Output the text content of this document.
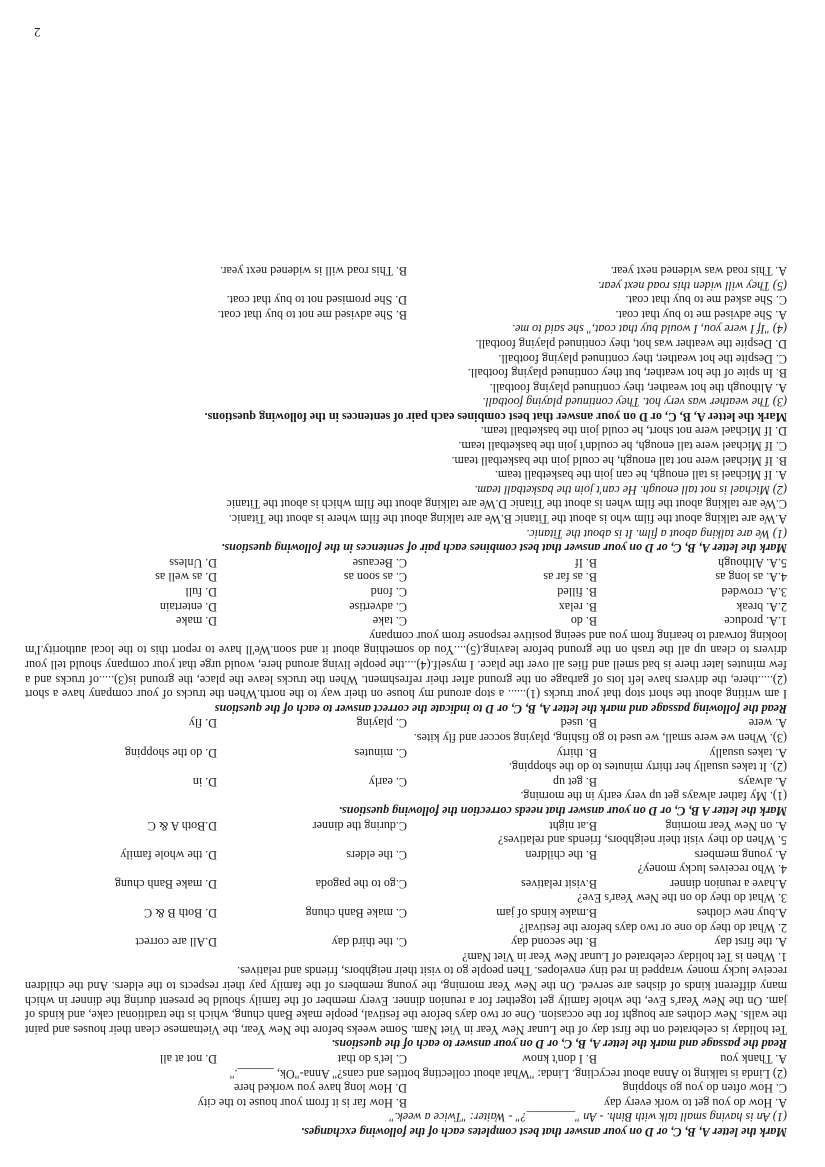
Mark the letter A, B, C, or D on your answer that best completes each of the following exchanges.
(1) An is having small talk with Binh. - An "________?" - Waiter: "Twice a week."
A. How do you get to work every day
B. How far is it from your house to the city
C. How often do you go shopping
D. How long have you worked here
(2) Linda is talking to Anna about recycling. Linda: "What about collecting bottles and cans?" Anna-"Ok, ______."
A. Thank you
B. I don't know
C. let's do that
D. not at all
Read the passage and mark the letter A, B, C, or D on your answer to each of the questions.
Tet holiday is celebrated on the first day of the Lunar New Year in Viet Nam. Some weeks before the New Year, the Vietnamese clean their houses and paint the walls. New clothes are bought for the occasion. One or two days before the festival, people make Banh chung, which is the traditional cake, and kinds of jam. On the New Year's Eve, the whole family get together for a reunion dinner. Every member of the family should be present during the dinner in which many different kinds of dishes are served. On the New Year morning, the young members of the family pay their respects to the elders. And the children receive lucky money wrapped in red tiny envelopes. Then people go to visit their neighbors, friends and relatives.
1. When is Tet holiday celebrated of Lunar New Year in Viet Nam?
A. the first day
B. the second day
C. the third day
D.All are correct
2. What do they do one or two days before the festival?
A.buy new clothes
B.make kinds of jam
C. make Banh chung
D. Both B & C
3. What do they do on the New Year's Eve?
A.have a reunion dinner
B.visit relatives
C.go to the pagoda
D. make Banh chung
4. Who receives lucky money?
A. young members
B. the children
C. the elders
D. the whole family
5. When do they visit their neighbors, friends and relatives?
A. on New Year morning
B.at night
C.during the dinner
D.Both A & C
Mark the letter A B, C, or D on your answer that needs correction the following questions.
(1). My father always get up very early in the morning.
A. always
B. get up
C. early
D. in
(2). It takes usually her thirty minutes to do the shopping.
A. takes usually
B. thirty
C. minutes
D. do the shopping
(3). When we were small, we used to go fishing, playing soccer and fly kites.
A. were
B. used
C. playing
D. fly
Read the following passage and mark the letter A, B, C, or D to indicate the correct answer to each of the questions
I am writing about the short stop that your trucks (1)...... a stop around my house on their way to the north.When the trucks of your company have a short (2).....there, the drivers have left lots of garbage on the ground after their refreshment. When the trucks leave the place, the ground is(3).....of trucks and a few minutes later there is bad smell and flies all over the place. I myself.(4)....the people living around here, would urge that your company should tell your drivers to clean up all the trash on the ground before leaving.(5)....You do something about it and soon.We'll have to report this to the local authority.I'm looking forward to hearing from you and seeing positive response from your company
1.A. produce
B. do
C. take
D. make
2.A. break
B. relax
C. advertise
D. entertain
3.A. crowded
B. filled
C. fond
D. full
4.A. as long as
B. as far as
C. as soon as
D. as well as
5.A. Although
B. If
C. Because
D. Unless
Mark the letter A, B, C, or D on your answer that best combines each pair of sentences in the following questions.
(1) We are talking about a film. It is about the Titanic.
A.We are talking about the film who is about the Titanic B.We are talking about the film where is about the Titanic.
C.We are talking about the film when is about the Titanic D.We are talking about the film which is about the Titanic
(2) Michael is not tall enough. He can't join the basketball team.
A. If Michael is tall enough, he can join the basketball team.
B. If Michael were not tall enough, he could join the basketball team.
C. If Michael were tall enough, he couldn't join the basketball team.
D. If Michael were not short, he could join the basketball team.
Mark the letter A, B, C, or D on your answer that best combines each pair of sentences in the following questions.
(3) The weather was very hot. They continued playing football.
A. Although the hot weather, they continued playing football.
B. In spite of the hot weather, but they continued playing football.
C. Despite the hot weather, they continued playing football.
D. Despite the weather was hot, they continued playing football.
(4) "If I were you, I would buy that coat," she said to me.
A. She advised me to buy that coat.
B. She advised me not to buy that coat.
C. She asked me to buy that coat.
D. She promised not to buy that coat.
(5) They will widen this road next year.
A. This road was widened next year.
B. This road will is widened next year.
2
